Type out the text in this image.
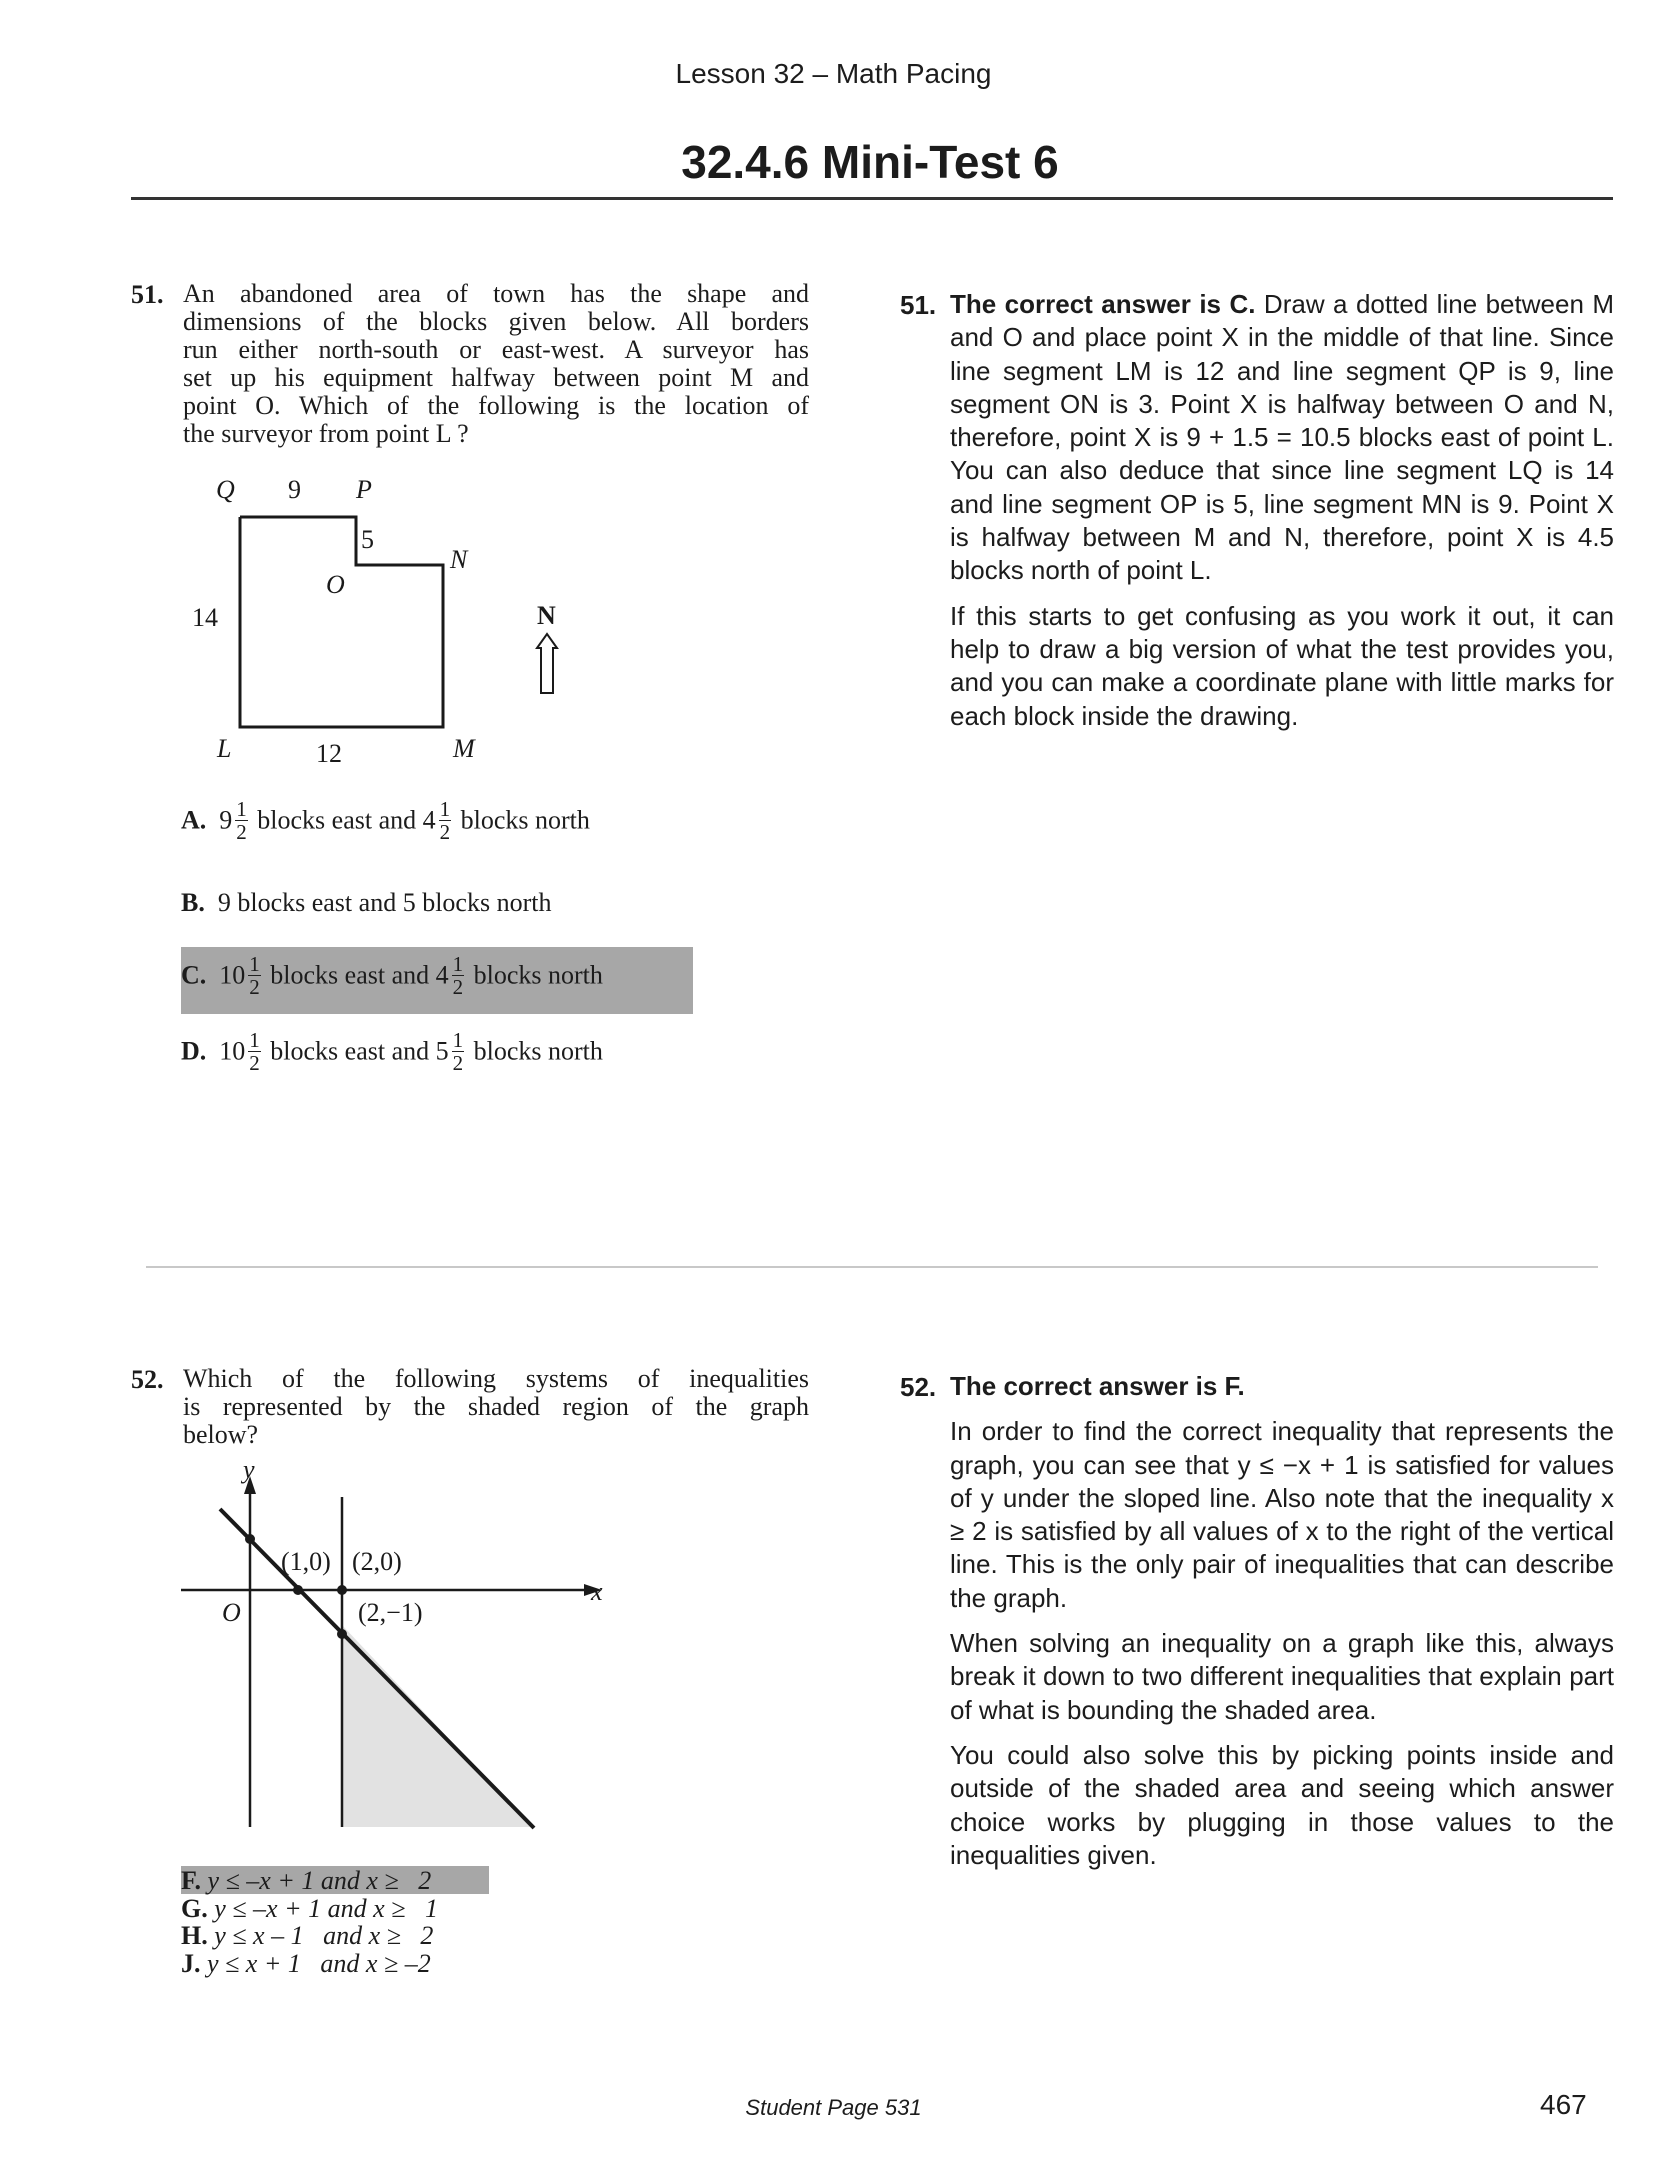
Lesson 32 – Math Pacing
32.4.6 Mini-Test 6
51. An abandoned area of town has the shape and
dimensions of the blocks given below. All borders
run either north-south or east-west. A surveyor has
set up his equipment halfway between point M and
point O. Which of the following is the location of
the surveyor from point L ?
Q 9 P
5
N
O
14
L	12	M
N
A. $9 \frac{1}{2}$ blocks east and $4 \frac{1}{2}$ blocks north
B. 9 blocks east and 5 blocks north
C. $10 \frac{1}{2}$ blocks east and $4 \frac{1}{2}$ blocks north
D. $10 \frac{1}{2}$ blocks east and $5 \frac{1}{2}$ blocks north
51. The correct answer is C. Draw a dotted line between M and O and place point X in the middle of that line. Since line segment LM is 12 and line segment QP is 9, line segment ON is 3. Point X is halfway between O and N, therefore, point X is 9 + 1.5 = 10.5 blocks east of point L. You can also deduce that since line segment LQ is 14 and line segment OP is 5, line segment MN is 9. Point X is halfway between M and N, therefore, point X is 4.5 blocks north of point L.

If this starts to get confusing as you work it out, it can help to draw a big version of what the test provides you, and you can make a coordinate plane with little marks for each block inside the drawing.

52. Which of the following systems of inequalities
is represented by the shaded region of the graph
below?
y
x
O
(1,0) (2,0)
(2,−1)
F. y ≤ –x + 1 and x ≥   2
G. y ≤ –x + 1 and x ≥   1
H. y ≤ x – 1   and x ≥   2
J. y ≤ x + 1   and x ≥ –2
52. The correct answer is F.

In order to find the correct inequality that represents the graph, you can see that y ≤ −x + 1 is satisfied for values of y under the sloped line. Also note that the inequality x ≥ 2 is satisfied by all values of x to the right of the vertical line. This is the only pair of inequalities that can describe the graph.

When solving an inequality on a graph like this, always break it down to two different inequalities that explain part of what is bounding the shaded area.

You could also solve this by picking points inside and outside of the shaded area and seeing which answer choice works by plugging in those values to the inequalities given.

Student Page 531	467
